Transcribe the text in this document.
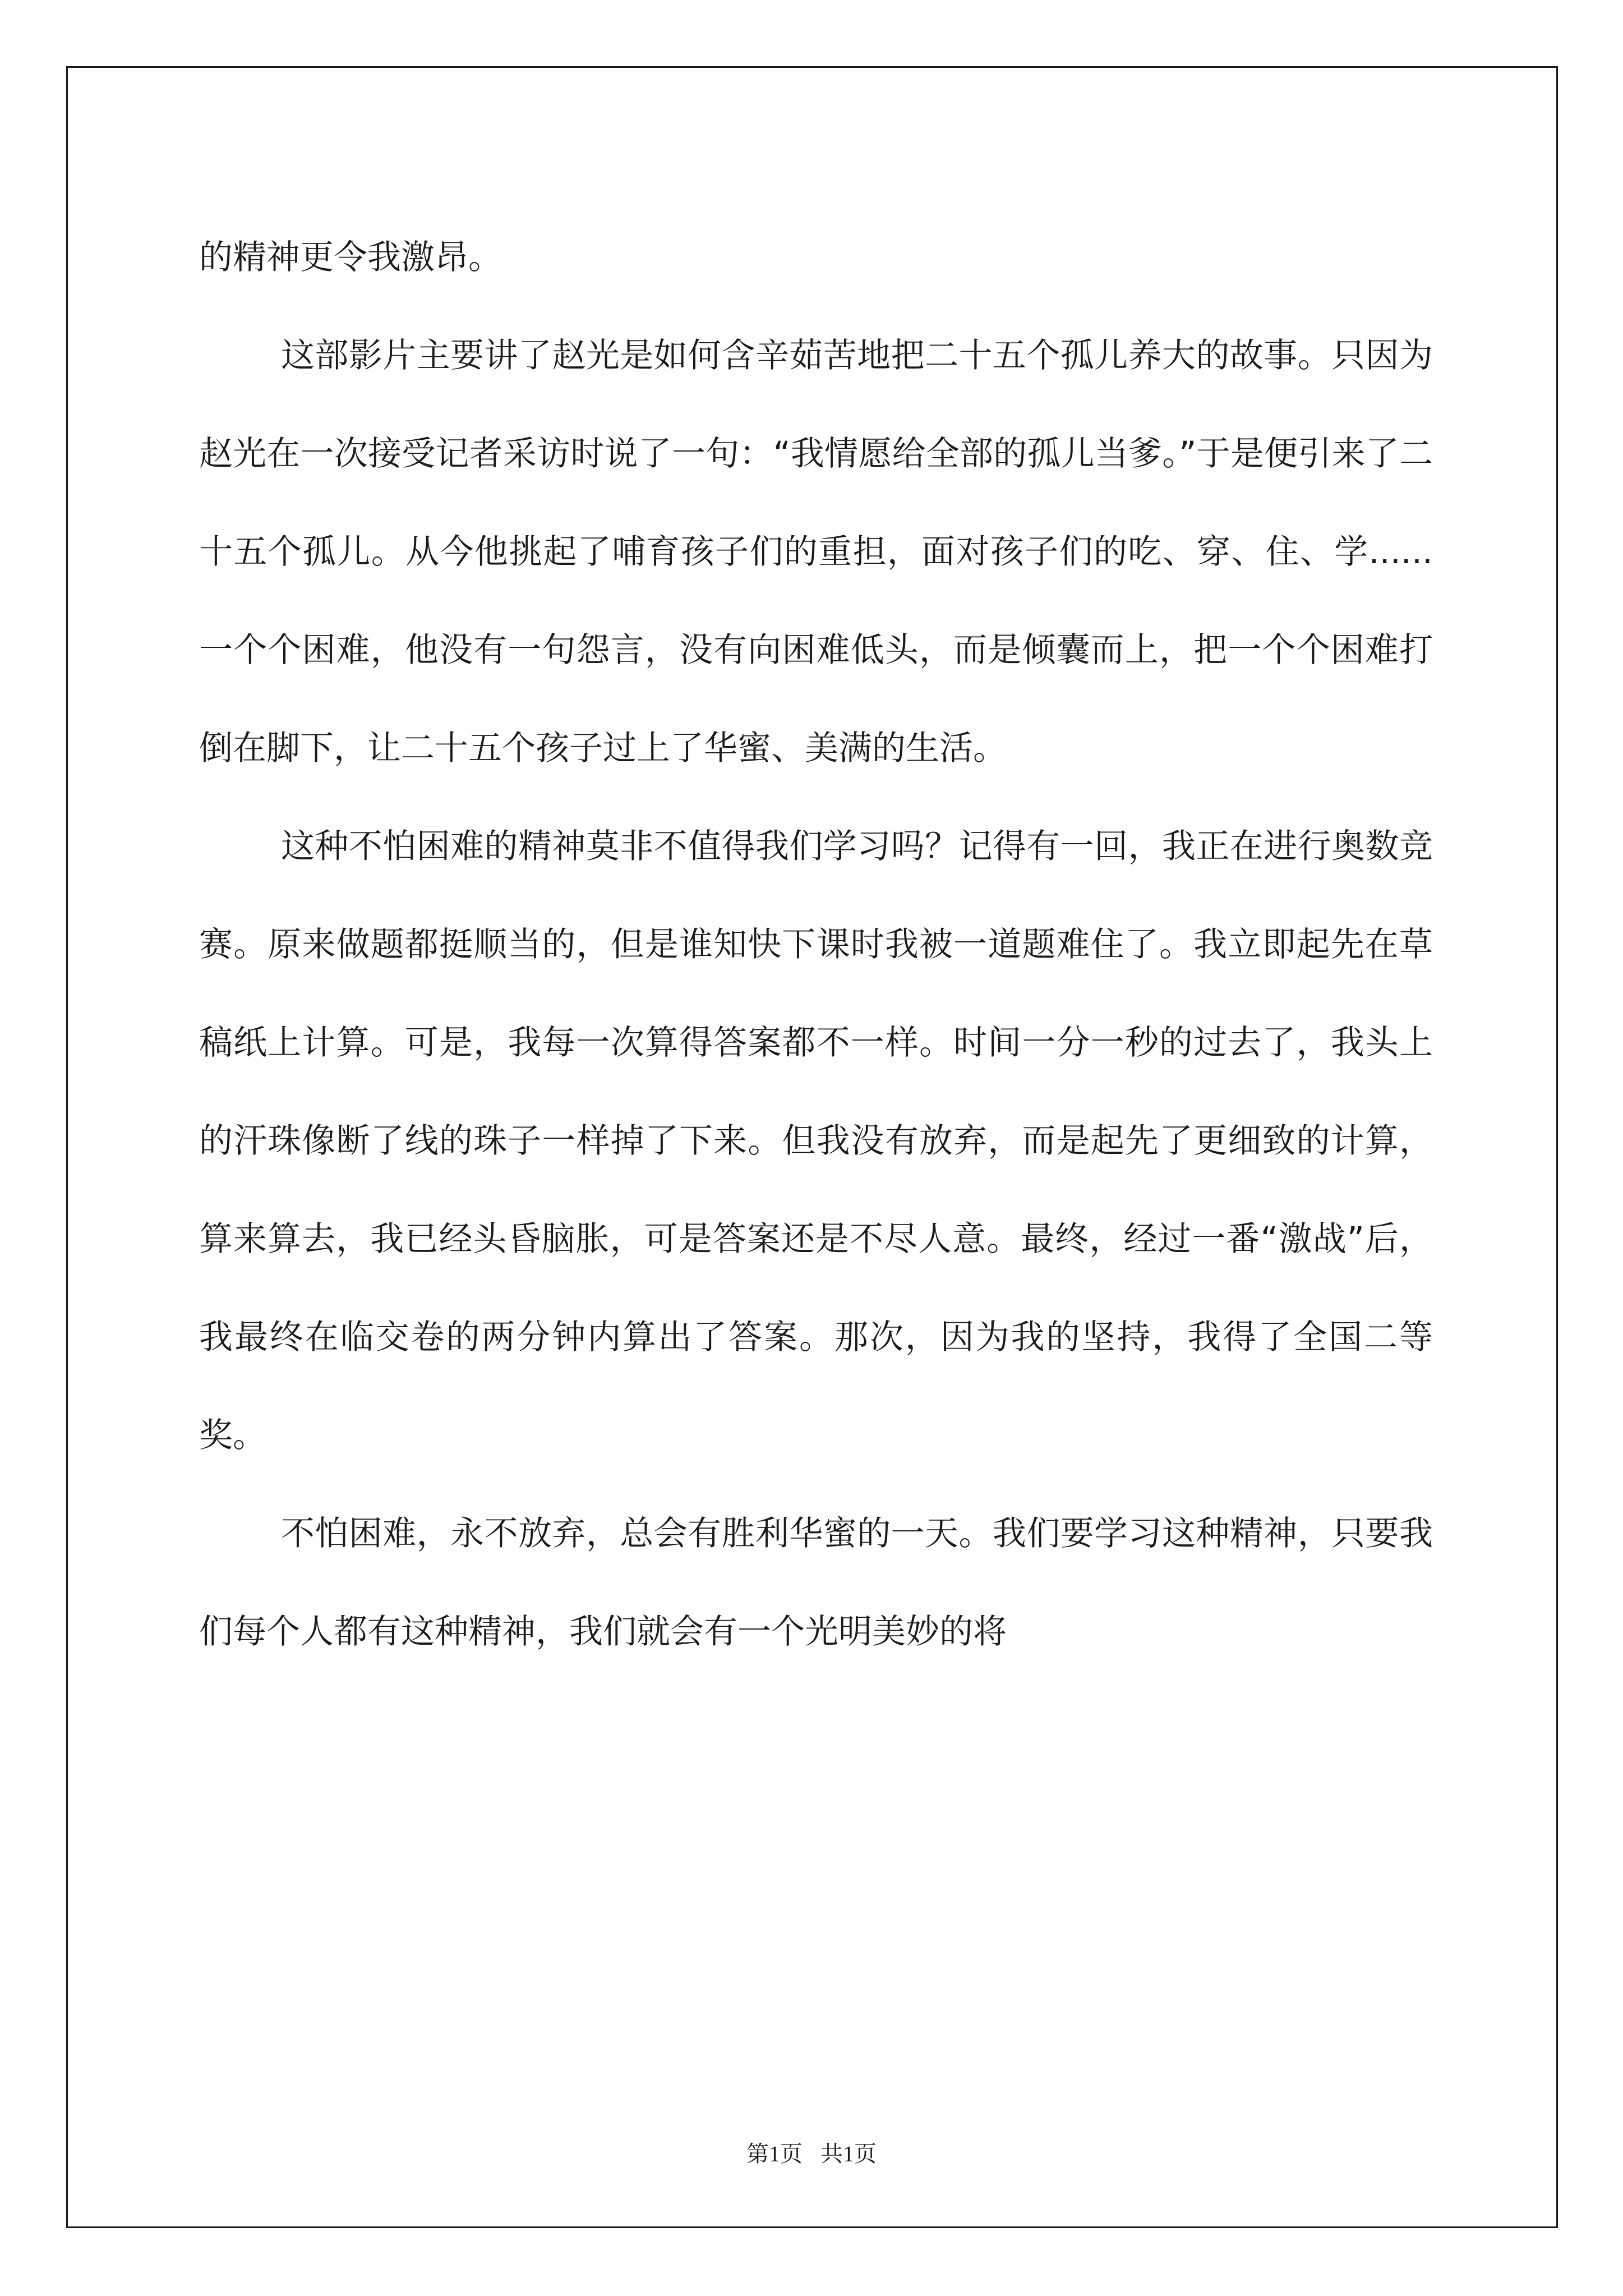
的精神更令我激昂。

这部影片主要讲了赵光是如何含辛茹苦地把二十五个孤儿养大的故事。只因为赵光在一次接受记者采访时说了一句：“我情愿给全部的孤儿当爹。”于是便引来了二十五个孤儿。从今他挑起了哺育孩子们的重担，面对孩子们的吃、穿、住、学......一个个困难，他没有一句怨言，没有向困难低头，而是倾囊而上，把一个个困难打倒在脚下，让二十五个孩子过上了华蜜、美满的生活。

这种不怕困难的精神莫非不值得我们学习吗？记得有一回，我正在进行奥数竞赛。原来做题都挺顺当的，但是谁知快下课时我被一道题难住了。我立即起先在草稿纸上计算。可是，我每一次算得答案都不一样。时间一分一秒的过去了，我头上的汗珠像断了线的珠子一样掉了下来。但我没有放弃，而是起先了更细致的计算，算来算去，我已经头昏脑胀，可是答案还是不尽人意。最终，经过一番“激战”后，我最终在临交卷的两分钟内算出了答案。那次，因为我的坚持，我得了全国二等奖。

不怕困难，永不放弃，总会有胜利华蜜的一天。我们要学习这种精神，只要我们每个人都有这种精神，我们就会有一个光明美妙的将

第1页 共1页
